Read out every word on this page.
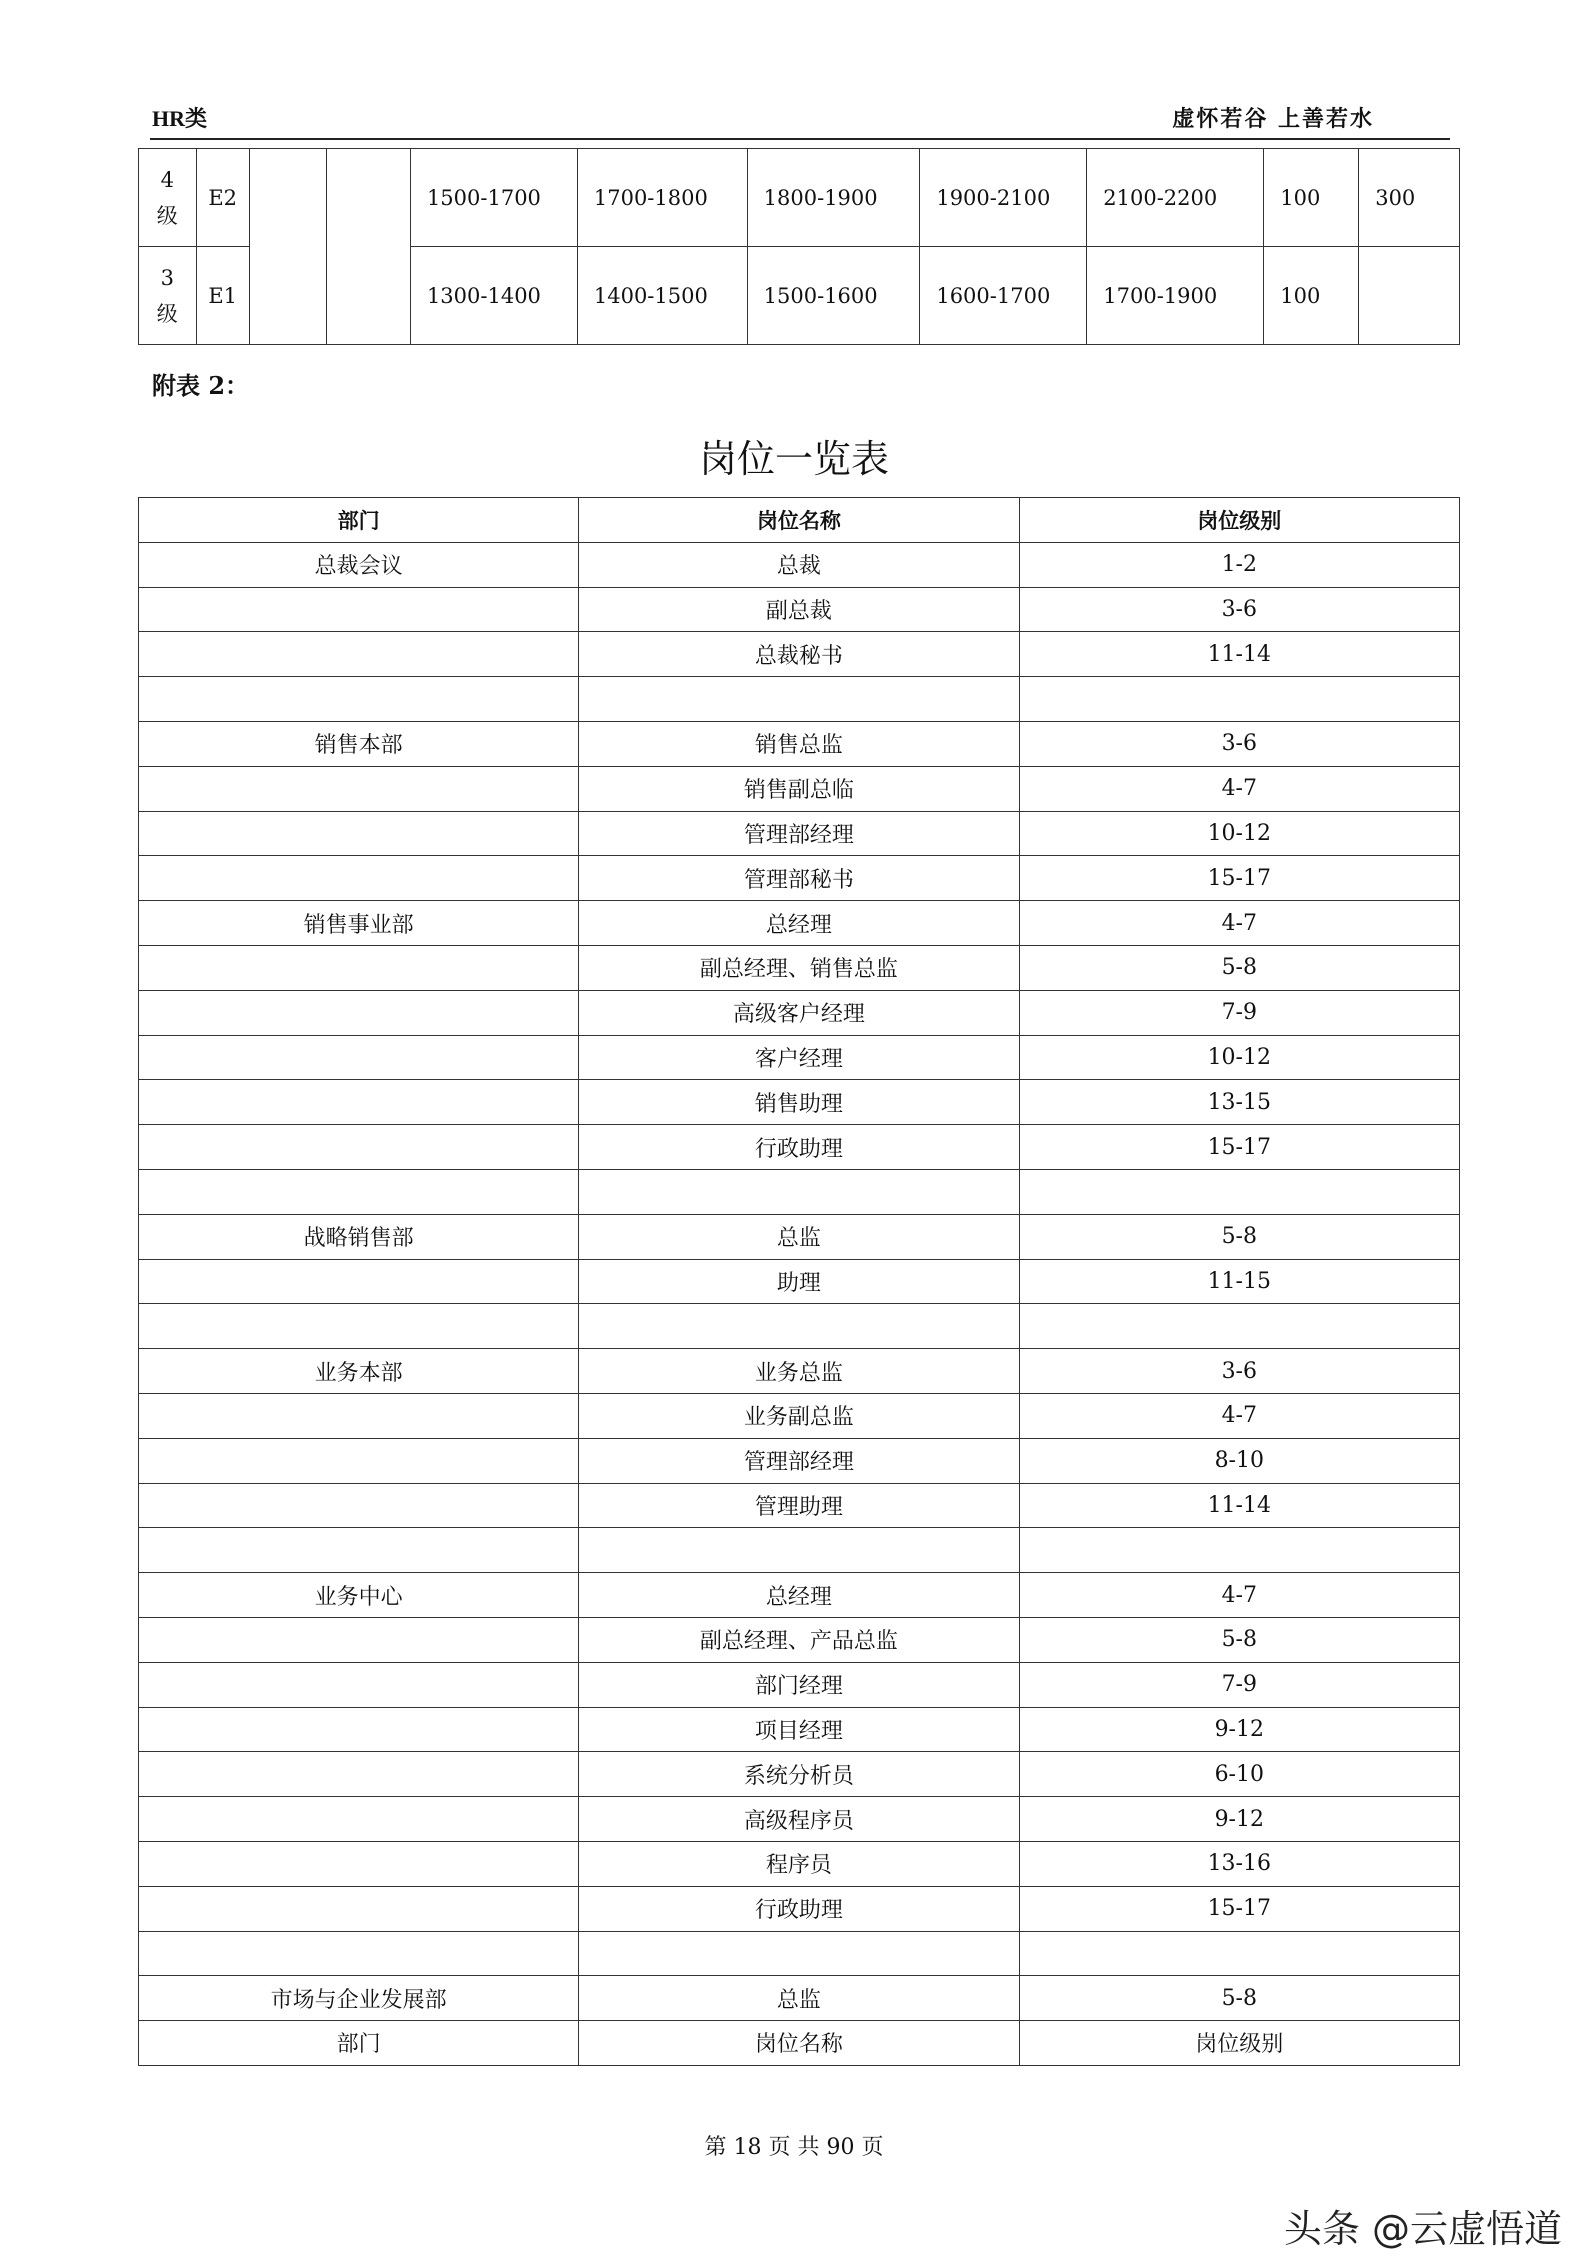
HR类	虚怀若谷 上善若水
4
级	E2			1500-1700	1700-1800	1800-1900	1900-2100	2100-2200	100	300
3
级	E1			1300-1400	1400-1500	1500-1600	1600-1700	1700-1900	100	
附表 2：
岗位一览表
部门	岗位名称	岗位级别
总裁会议	总裁	1-2
	副总裁	3-6
	总裁秘书	11-14

销售本部	销售总监	3-6
	销售副总临	4-7
	管理部经理	10-12
	管理部秘书	15-17
销售事业部	总经理	4-7
	副总经理、销售总监	5-8
	高级客户经理	7-9
	客户经理	10-12
	销售助理	13-15
	行政助理	15-17

战略销售部	总监	5-8
	助理	11-15

业务本部	业务总监	3-6
	业务副总监	4-7
	管理部经理	8-10
	管理助理	11-14

业务中心	总经理	4-7
	副总经理、产品总监	5-8
	部门经理	7-9
	项目经理	9-12
	系统分析员	6-10
	高级程序员	9-12
	程序员	13-16
	行政助理	15-17

市场与企业发展部	总监	5-8
部门	岗位名称	岗位级别
第 18 页 共 90 页
头条 @云虚悟道
